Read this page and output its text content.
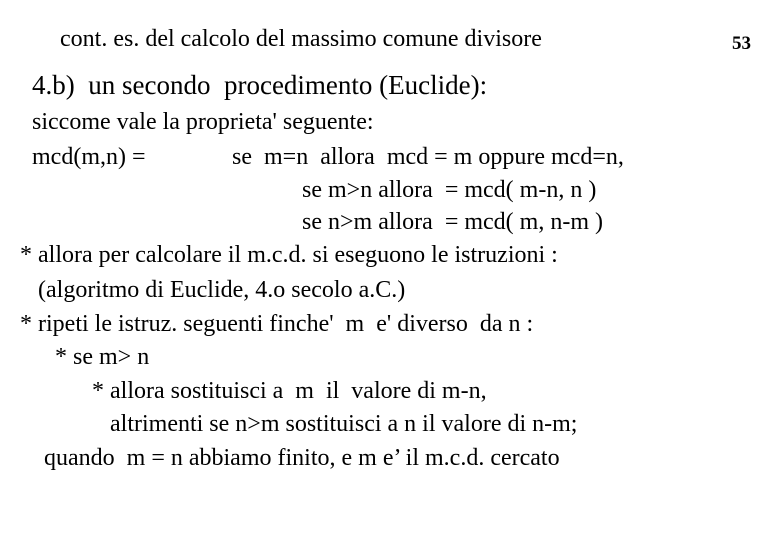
cont. es. del calcolo del massimo comune divisore	53
4.b)  un secondo  procedimento (Euclide):
siccome vale la proprieta' seguente:
mcd(m,n) =	se  m=n  allora  mcd = m oppure mcd=n,
se m>n allora  = mcd( m-n, n )
se n>m allora  = mcd( m, n-m )
* allora per calcolare il m.c.d. si eseguono le istruzioni :
(algoritmo di Euclide, 4.o secolo a.C.)
* ripeti le istruz. seguenti finche'  m  e' diverso  da n :
* se m> n
* allora sostituisci a  m  il  valore di m-n,
altrimenti se n>m sostituisci a n il valore di n-m;
quando  m = n abbiamo finito, e m e’ il m.c.d. cercato
